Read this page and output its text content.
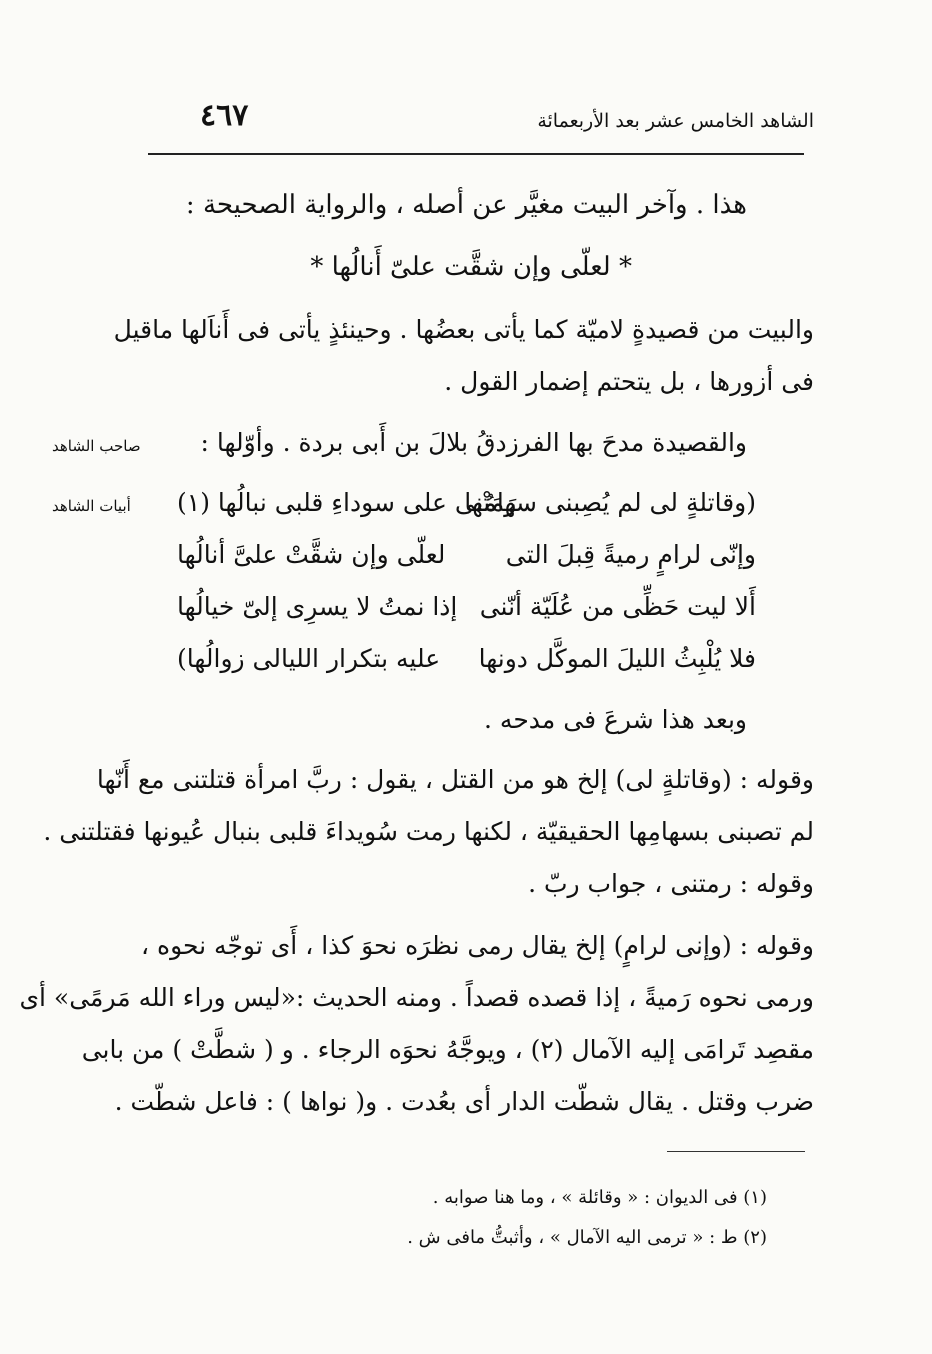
الشاهد الخامس عشر بعد الأربعمائة
٤٦٧
هذا . وآخر البيت مغيَّر عن أصله ، والرواية الصحيحة :
* لعلّى وإن شقَّت علىّ أَنالُها *
والبيت من قصيدةٍ لاميّة كما يأتى بعضُها . وحينئذٍ يأتى فى أَناَلها ماقيل
فى أزورها ، بل يتحتم إضمار القول .
والقصيدة مدحَ بها الفرزدقُ بلالَ بن أَبى بردة . وأوّلها :
صاحب الشاهد
(وقاتلةٍ لى لم يُصِبنى سهامُها
رَمَتْنى على سوداءِ قلبى نبالُها (١)
أبيات الشاهد
وإنّى لرامٍ رميةً قِبلَ التى
لعلّى وإن شقَّتْ علىَّ أنالُها
أَلا ليت حَظِّى من عُلَيّة أنّنى
إذا نمتُ لا يسرِى إلىّ خيالُها
فلا يُلْبِثُ الليلَ الموكَّل دونها
عليه بتكرار الليالى زوالُها)
وبعد هذا شرعَ فى مدحه .
وقوله : (وقاتلةٍ لى) إلخ هو من القتل ، يقول : ربَّ امرأة قتلتنى مع أَنّها
لم تصبنى بسهامِها الحقيقيّة ، لكنها رمت سُويداءَ قلبى بنبال عُيونها فقتلتنى .
وقوله : رمتنى ، جواب ربّ .
وقوله : (وإنى لرامٍ) إلخ يقال رمى نظرَه نحوَ كذا ، أَى توجّه نحوه ،
ورمى نحوه رَميةً ، إذا قصده قصداً . ومنه الحديث :«ليس وراء الله مَرمًى» أى
مقصِد تَرامَى إليه الآمال (٢) ، ويوجَّهُ نحوَه الرجاء . و ( شطَّتْ ) من بابى
ضرب وقتل . يقال شطّت الدار أى بعُدت . و( نواها ) : فاعل شطّت .
(١) فى الديوان : « وقائلة » ، وما هنا صوابه .
(٢) ط : « ترمى اليه الآمال » ، وأثبتُّ مافى ش .
